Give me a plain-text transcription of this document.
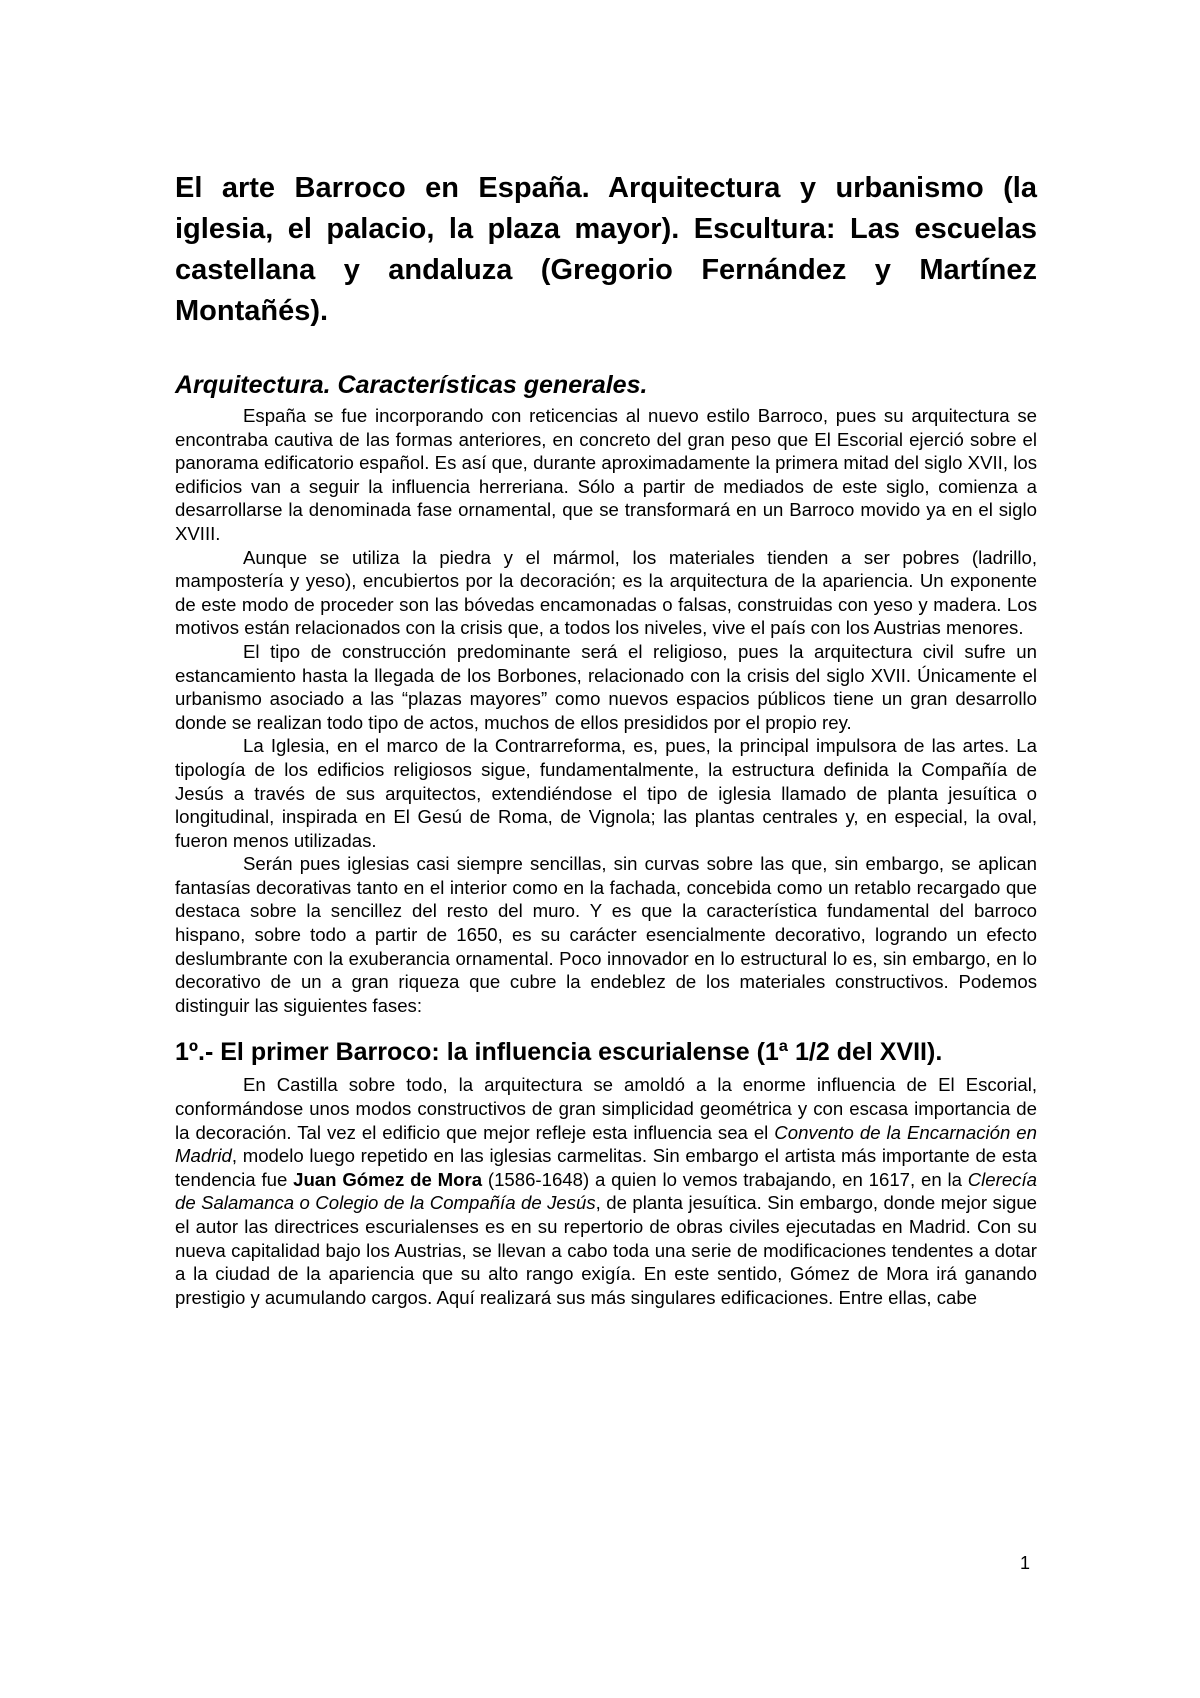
El arte Barroco en España. Arquitectura y urbanismo (la iglesia, el palacio, la plaza mayor). Escultura: Las escuelas castellana y andaluza (Gregorio Fernández y Martínez Montañés).
Arquitectura. Características generales.

España se fue incorporando con reticencias al nuevo estilo Barroco, pues su arquitectura se encontraba cautiva de las formas anteriores, en concreto del gran peso que El Escorial ejerció sobre el panorama edificatorio español. Es así que, durante aproximadamente la primera mitad del siglo XVII, los edificios van a seguir la influencia herreriana. Sólo a partir de mediados de este siglo, comienza a desarrollarse la denominada fase ornamental, que se transformará en un Barroco movido ya en el siglo XVIII.

Aunque se utiliza la piedra y el mármol, los materiales tienden a ser pobres (ladrillo, mampostería y yeso), encubiertos por la decoración; es la arquitectura de la apariencia. Un exponente de este modo de proceder son las bóvedas encamonadas o falsas, construidas con yeso y madera. Los motivos están relacionados con la crisis que, a todos los niveles, vive el país con los Austrias menores.

El tipo de construcción predominante será el religioso, pues la arquitectura civil sufre un estancamiento hasta la llegada de los Borbones, relacionado con la crisis del siglo XVII. Únicamente el urbanismo asociado a las “plazas mayores” como nuevos espacios públicos tiene un gran desarrollo donde se realizan todo tipo de actos, muchos de ellos presididos por el propio rey.

La Iglesia, en el marco de la Contrarreforma, es, pues, la principal impulsora de las artes. La tipología de los edificios religiosos sigue, fundamentalmente, la estructura definida la Compañía de Jesús a través de sus arquitectos, extendiéndose el tipo de iglesia llamado de planta jesuítica o longitudinal, inspirada en El Gesú de Roma, de Vignola; las plantas centrales y, en especial, la oval, fueron menos utilizadas.

Serán pues iglesias casi siempre sencillas, sin curvas sobre las que, sin embargo, se aplican fantasías decorativas tanto en el interior como en la fachada, concebida como un retablo recargado que destaca sobre la sencillez del resto del muro. Y es que la característica fundamental del barroco hispano, sobre todo a partir de 1650, es su carácter esencialmente decorativo, logrando un efecto deslumbrante con la exuberancia ornamental. Poco innovador en lo estructural lo es, sin embargo, en lo decorativo de un a gran riqueza que cubre la endeblez de los materiales constructivos. Podemos distinguir las siguientes fases:

1º.- El primer Barroco: la influencia escurialense (1ª 1/2 del XVII).

En Castilla sobre todo, la arquitectura se amoldó a la enorme influencia de El Escorial, conformándose unos modos constructivos de gran simplicidad geométrica y con escasa importancia de la decoración. Tal vez el edificio que mejor refleje esta influencia sea el Convento de la Encarnación en Madrid, modelo luego repetido en las iglesias carmelitas. Sin embargo el artista más importante de esta tendencia fue Juan Gómez de Mora (1586-1648) a quien lo vemos trabajando, en 1617, en la Clerecía de Salamanca o Colegio de la Compañía de Jesús, de planta jesuítica. Sin embargo, donde mejor sigue el autor las directrices escurialenses es en su repertorio de obras civiles ejecutadas en Madrid. Con su nueva capitalidad bajo los Austrias, se llevan a cabo toda una serie de modificaciones tendentes a dotar a la ciudad de la apariencia que su alto rango exigía. En este sentido, Gómez de Mora irá ganando prestigio y acumulando cargos. Aquí realizará sus más singulares edificaciones. Entre ellas, cabe

1
